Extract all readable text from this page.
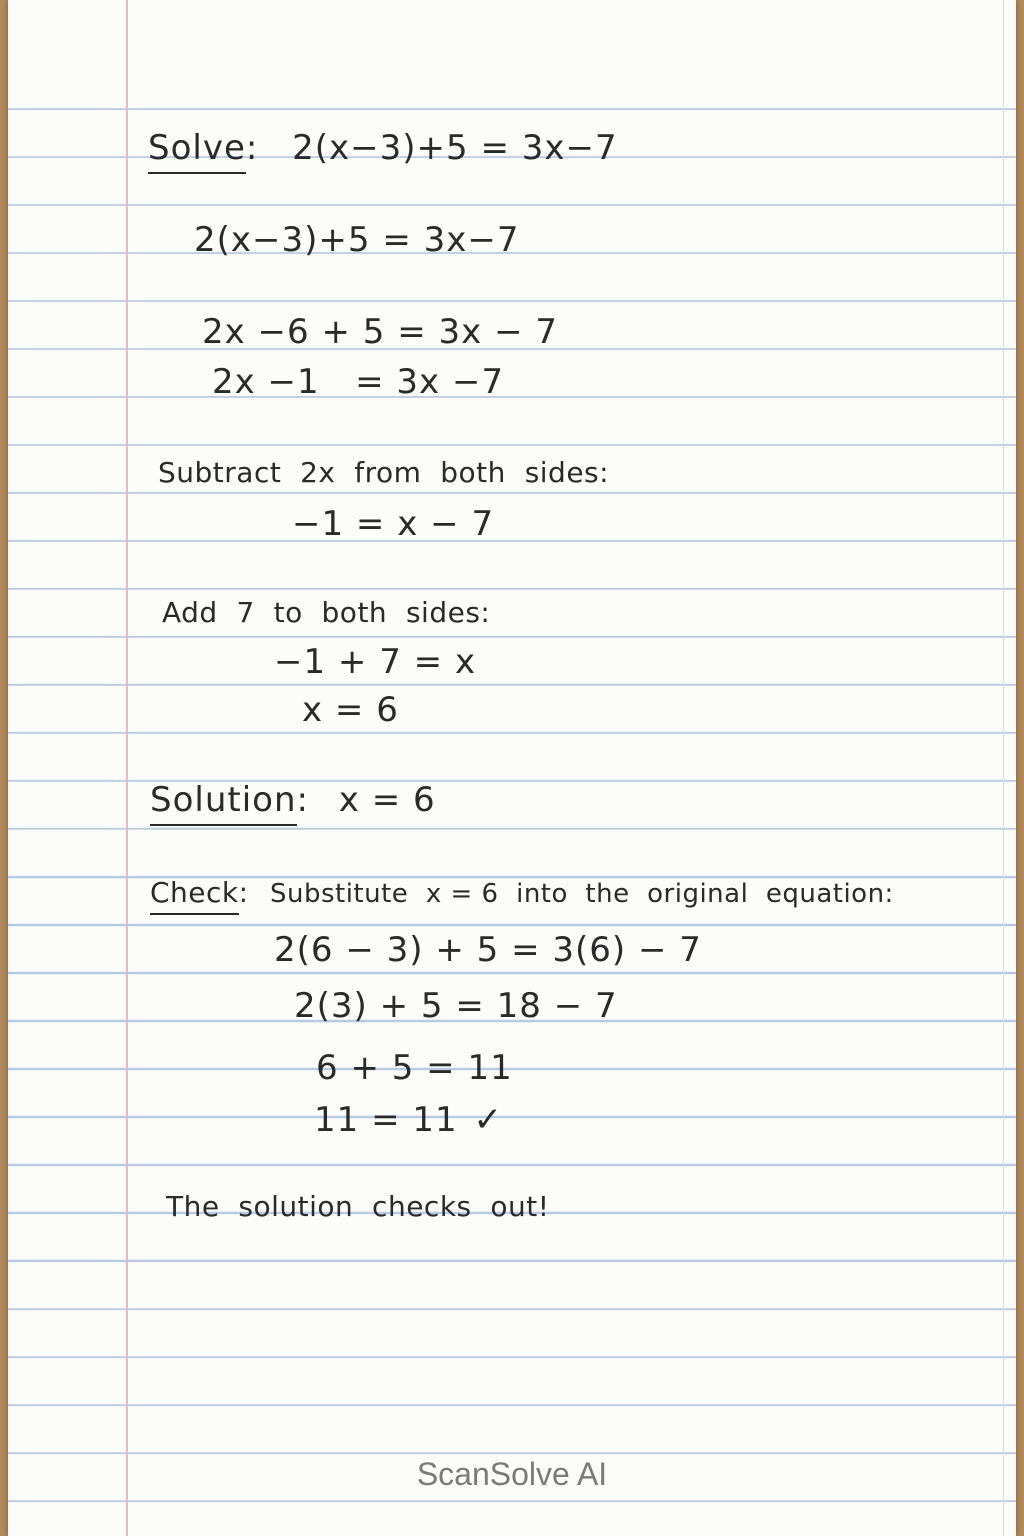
Solve: 2(x−3)+5 = 3x−7
2(x−3)+5 = 3x−7
2x −6 + 5 = 3x − 7
2x −1   = 3x −7
Subtract  2x  from  both  sides:
−1 = x − 7
Add  7  to  both  sides:
−1 + 7 = x
x = 6
Solution: x = 6
Check: Substitute  x = 6  into  the  original  equation:
2(6 − 3) + 5 = 3(6) − 7
2(3) + 5 = 18 − 7
6 + 5 = 11
11 = 11 ✓
The  solution  checks  out!
ScanSolve AI
